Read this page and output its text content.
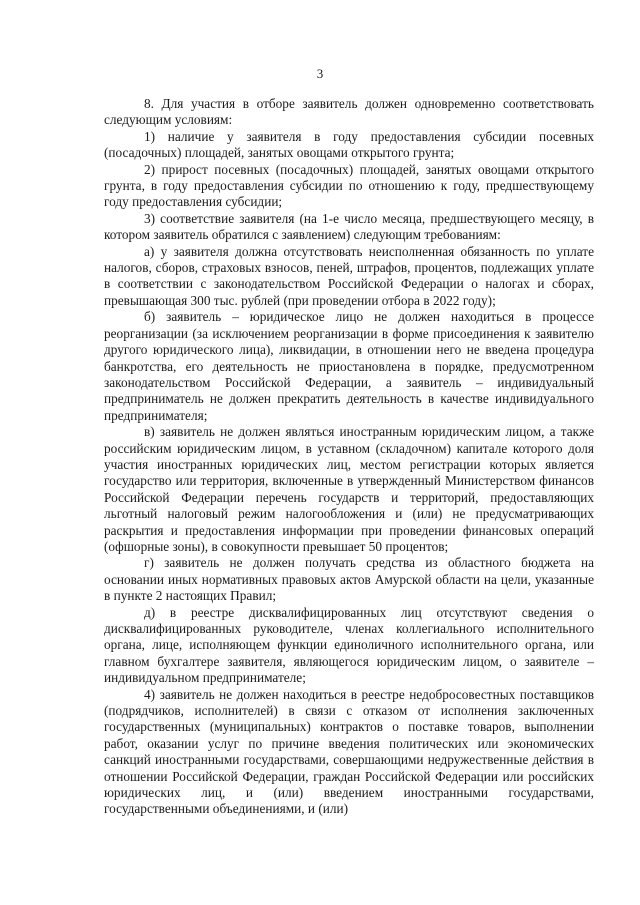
3

8. Для участия в отборе заявитель должен одновременно соответствовать следующим условиям:

1) наличие у заявителя в году предоставления субсидии посевных (посадочных) площадей, занятых овощами открытого грунта;

2) прирост посевных (посадочных) площадей, занятых овощами открытого грунта, в году предоставления субсидии по отношению к году, предшествующему году предоставления субсидии;

3) соответствие заявителя (на 1-е число месяца, предшествующего месяцу, в котором заявитель обратился с заявлением) следующим требованиям:

а) у заявителя должна отсутствовать неисполненная обязанность по уплате налогов, сборов, страховых взносов, пеней, штрафов, процентов, подлежащих уплате в соответствии с законодательством Российской Федерации о налогах и сборах, превышающая 300 тыс. рублей (при проведении отбора в 2022 году);

б) заявитель – юридическое лицо не должен находиться в процессе реорганизации (за исключением реорганизации в форме присоединения к заявителю другого юридического лица), ликвидации, в отношении него не введена процедура банкротства, его деятельность не приостановлена в порядке, предусмотренном законодательством Российской Федерации, а заявитель – индивидуальный предприниматель не должен прекратить деятельность в качестве индивидуального предпринимателя;

в) заявитель не должен являться иностранным юридическим лицом, а также российским юридическим лицом, в уставном (складочном) капитале которого доля участия иностранных юридических лиц, местом регистрации которых является государство или территория, включенные в утвержденный Министерством финансов Российской Федерации перечень государств и территорий, предоставляющих льготный налоговый режим налогообложения и (или) не предусматривающих раскрытия и предоставления информации при проведении финансовых операций (офшорные зоны), в совокупности превышает 50 процентов;

г) заявитель не должен получать средства из областного бюджета на основании иных нормативных правовых актов Амурской области на цели, указанные в пункте 2 настоящих Правил;

д) в реестре дисквалифицированных лиц отсутствуют сведения о дисквалифицированных руководителе, членах коллегиального исполнительного органа, лице, исполняющем функции единоличного исполнительного органа, или главном бухгалтере заявителя, являющегося юридическим лицом, о заявителе – индивидуальном предпринимателе;

4) заявитель не должен находиться в реестре недобросовестных поставщиков (подрядчиков, исполнителей) в связи с отказом от исполнения заключенных государственных (муниципальных) контрактов о поставке товаров, выполнении работ, оказании услуг по причине введения политических или экономических санкций иностранными государствами, совершающими недружественные действия в отношении Российской Федерации, граждан Российской Федерации или российских юридических лиц, и (или) введением иностранными государствами, государственными объединениями, и (или)
